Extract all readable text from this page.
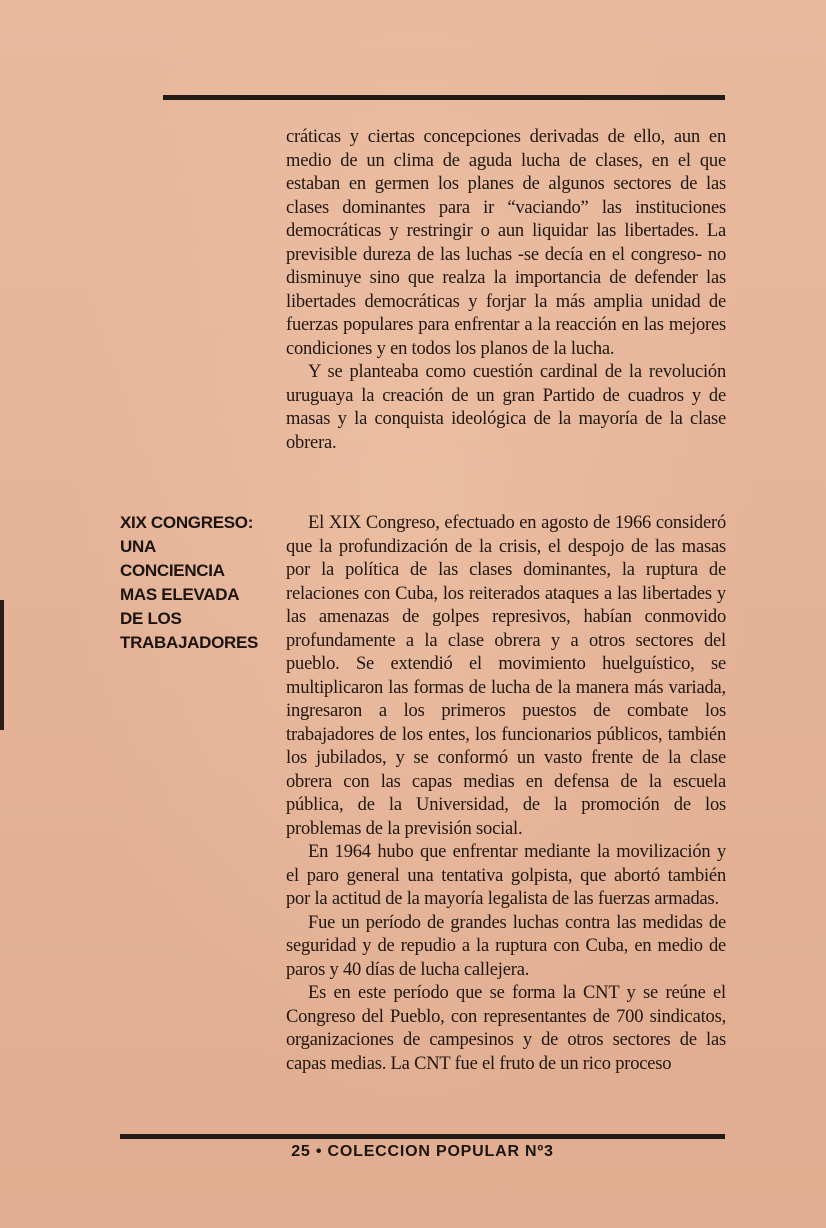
cráticas y ciertas concepciones derivadas de ello, aun en medio de un clima de aguda lucha de clases, en el que estaban en germen los planes de algunos sectores de las clases dominantes para ir “vaciando” las instituciones democráticas y restringir o aun liquidar las libertades. La previsible dureza de las luchas -se decía en el congreso- no disminuye sino que realza la importancia de defender las libertades democráticas y forjar la más amplia unidad de fuerzas populares para enfrentar a la reacción en las mejores condiciones y en todos los planos de la lucha.

Y se planteaba como cuestión cardinal de la revolución uruguaya la creación de un gran Partido de cuadros y de masas y la conquista ideológica de la mayoría de la clase obrera.

XIX CONGRESO:
UNA
CONCIENCIA
MAS ELEVADA
DE LOS
TRABAJADORES

El XIX Congreso, efectuado en agosto de 1966 consideró que la profundización de la crisis, el despojo de las masas por la política de las clases dominantes, la ruptura de relaciones con Cuba, los reiterados ataques a las libertades y las amenazas de golpes represivos, habían conmovido profundamente a la clase obrera y a otros sectores del pueblo. Se extendió el movimiento huelguístico, se multiplicaron las formas de lucha de la manera más variada, ingresaron a los primeros puestos de combate los trabajadores de los entes, los funcionarios públicos, también los jubilados, y se conformó un vasto frente de la clase obrera con las capas medias en defensa de la escuela pública, de la Universidad, de la promoción de los problemas de la previsión social.

En 1964 hubo que enfrentar mediante la movilización y el paro general una tentativa golpista, que abortó también por la actitud de la mayoría legalista de las fuerzas armadas.

Fue un período de grandes luchas contra las medidas de seguridad y de repudio a la ruptura con Cuba, en medio de paros y 40 días de lucha callejera.

Es en este período que se forma la CNT y se reúne el Congreso del Pueblo, con representantes de 700 sindicatos, organizaciones de campesinos y de otros sectores de las capas medias. La CNT fue el fruto de un rico proceso

25 • COLECCION POPULAR Nº3
